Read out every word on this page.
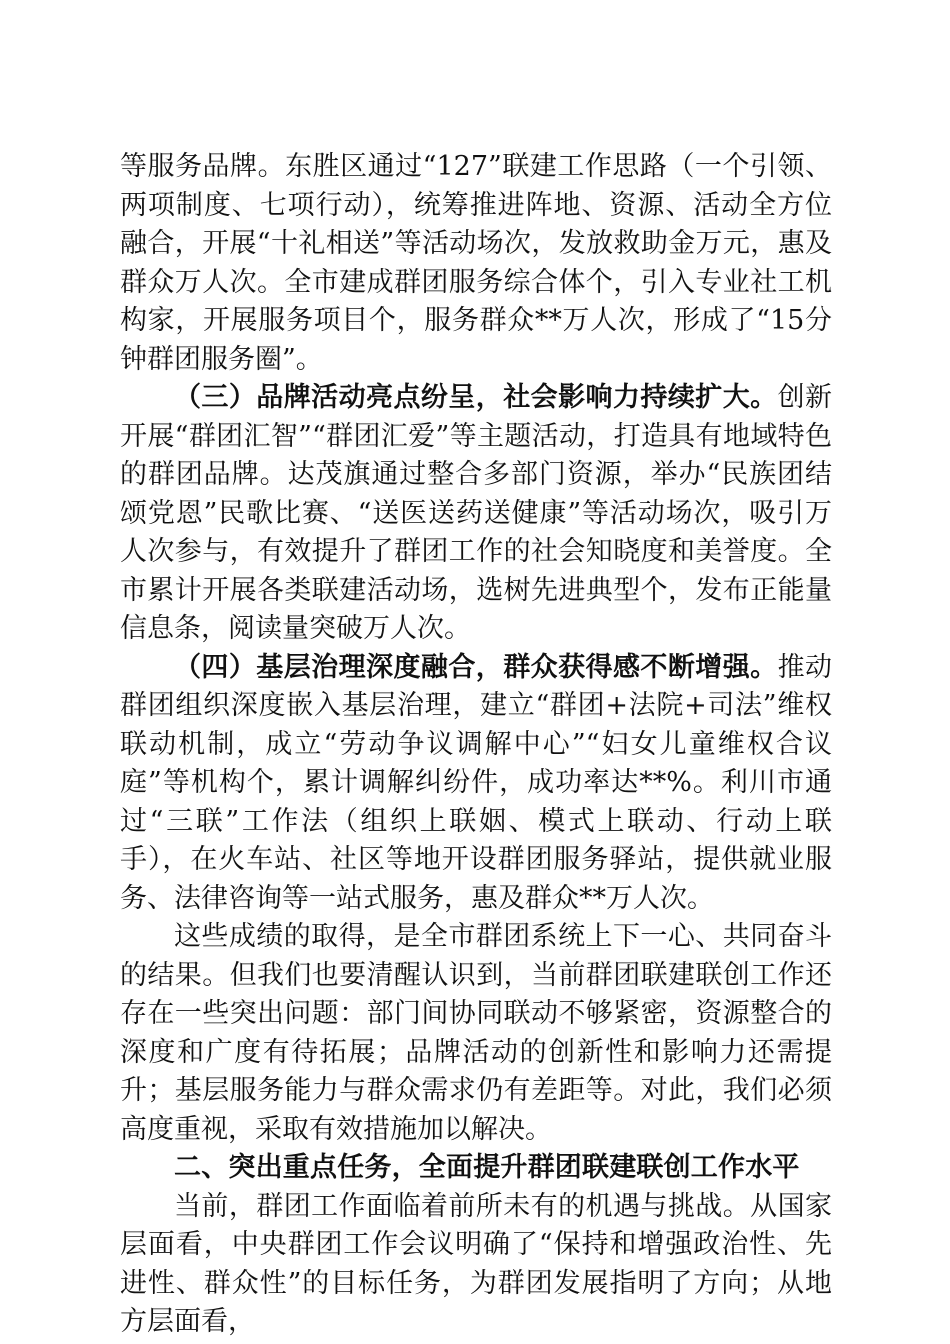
等服务品牌。东胜区通过“127”联建工作思路（一个引领、两项制度、七项行动），统筹推进阵地、资源、活动全方位融合，开展“十礼相送”等活动场次，发放救助金万元，惠及群众万人次。全市建成群团服务综合体个，引入专业社工机构家，开展服务项目个，服务群众**万人次，形成了“15分钟群团服务圈”。

（三）品牌活动亮点纷呈，社会影响力持续扩大。创新开展“群团汇智”“群团汇爱”等主题活动，打造具有地域特色的群团品牌。达茂旗通过整合多部门资源，举办“民族团结颂党恩”民歌比赛、“送医送药送健康”等活动场次，吸引万人次参与，有效提升了群团工作的社会知晓度和美誉度。全市累计开展各类联建活动场，选树先进典型个，发布正能量信息条，阅读量突破万人次。

（四）基层治理深度融合，群众获得感不断增强。推动群团组织深度嵌入基层治理，建立“群团+法院+司法”维权联动机制，成立“劳动争议调解中心”“妇女儿童维权合议庭”等机构个，累计调解纠纷件，成功率达**%。利川市通过“三联”工作法（组织上联姻、模式上联动、行动上联手），在火车站、社区等地开设群团服务驿站，提供就业服务、法律咨询等一站式服务，惠及群众**万人次。

这些成绩的取得，是全市群团系统上下一心、共同奋斗的结果。但我们也要清醒认识到，当前群团联建联创工作还存在一些突出问题：部门间协同联动不够紧密，资源整合的深度和广度有待拓展；品牌活动的创新性和影响力还需提升；基层服务能力与群众需求仍有差距等。对此，我们必须高度重视，采取有效措施加以解决。

二、突出重点任务，全面提升群团联建联创工作水平

当前，群团工作面临着前所未有的机遇与挑战。从国家层面看，中央群团工作会议明确了“保持和增强政治性、先进性、群众性”的目标任务，为群团发展指明了方向；从地方层面看，
